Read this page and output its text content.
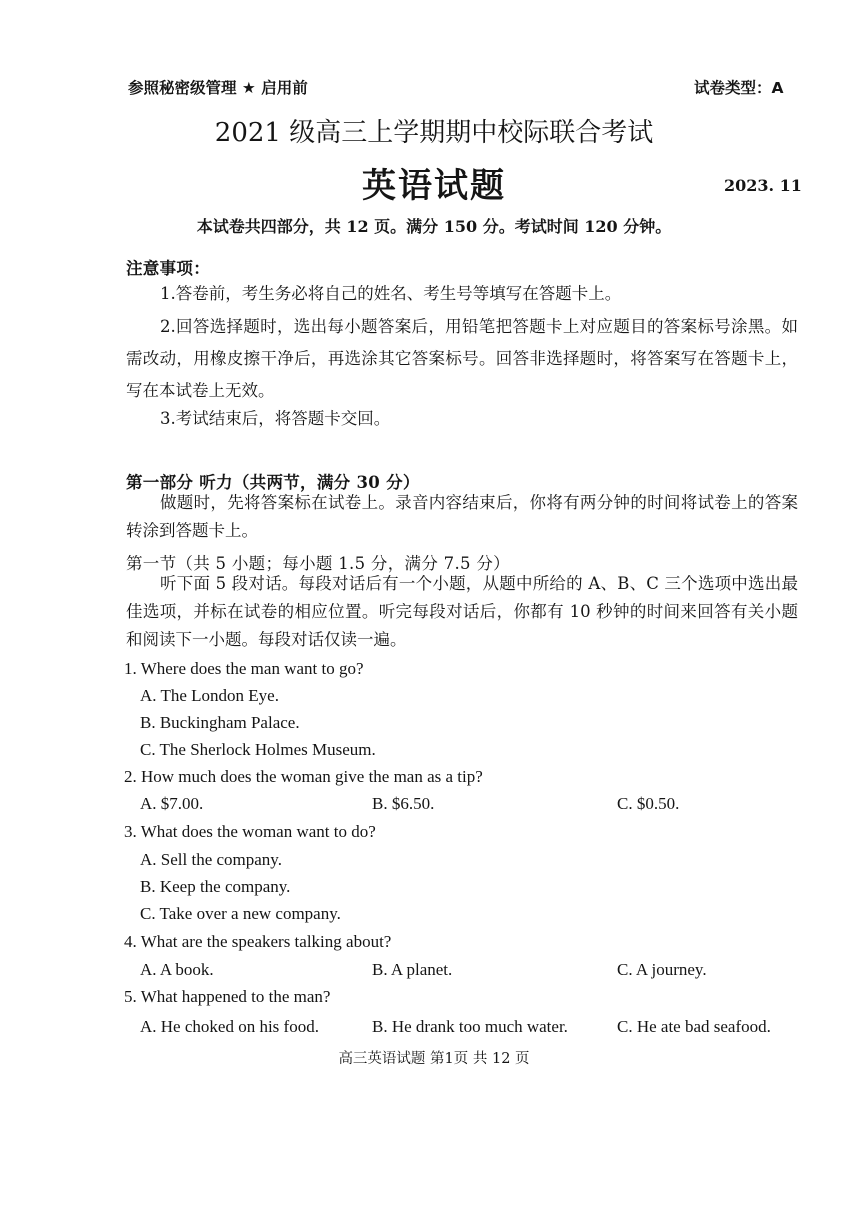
参照秘密级管理 ★ 启用前	试卷类型：A
2021 级高三上学期期中校际联合考试
英语试题	2023. 11
本试卷共四部分，共 12 页。满分 150 分。考试时间 120 分钟。
注意事项：
1.答卷前，考生务必将自己的姓名、考生号等填写在答题卡上。
2.回答选择题时，选出每小题答案后，用铅笔把答题卡上对应题目的答案标号涂黑。如需改动，用橡皮擦干净后，再选涂其它答案标号。回答非选择题时，将答案写在答题卡上，写在本试卷上无效。
3.考试结束后，将答题卡交回。
第一部分 听力（共两节，满分 30 分）
做题时，先将答案标在试卷上。录音内容结束后，你将有两分钟的时间将试卷上的答案转涂到答题卡上。
第一节（共 5 小题；每小题 1.5 分，满分 7.5 分）
听下面 5 段对话。每段对话后有一个小题，从题中所给的 A、B、C 三个选项中选出最佳选项，并标在试卷的相应位置。听完每段对话后，你都有 10 秒钟的时间来回答有关小题和阅读下一小题。每段对话仅读一遍。
1. Where does the man want to go?
A. The London Eye.
B. Buckingham Palace.
C. The Sherlock Holmes Museum.
2. How much does the woman give the man as a tip?
A. $7.00.	B. $6.50.	C. $0.50.
3. What does the woman want to do?
A. Sell the company.
B. Keep the company.
C. Take over a new company.
4. What are the speakers talking about?
A. A book.	B. A planet.	C. A journey.
5. What happened to the man?
A. He choked on his food.	B. He drank too much water.	C. He ate bad seafood.
高三英语试题 第1页 共 12 页
